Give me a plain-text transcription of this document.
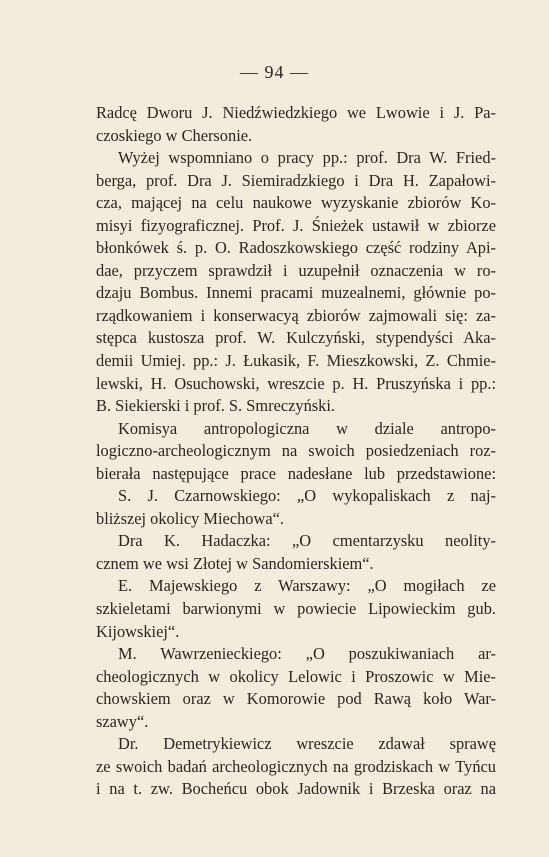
— 94 —
Radcę Dworu J. Niedźwiedzkiego we Lwowie i J. Pa-
czoskiego w Chersonie.
Wyżej wspomniano o pracy pp.: prof. Dra W. Fried-
berga, prof. Dra J. Siemiradzkiego i Dra H. Zapałowi-
cza, mającej na celu naukowe wyzyskanie zbiorów Ko-
misyi fizyograficznej. Prof. J. Śnieżek ustawił w zbiorze
błonkówek ś. p. O. Radoszkowskiego część rodziny Api-
dae, przyczem sprawdził i uzupełnił oznaczenia w ro-
dzaju Bombus. Innemi pracami muzealnemi, głównie po-
rządkowaniem i konserwacyą zbiorów zajmowali się: za-
stępca kustosza prof. W. Kulczyński, stypendyści Aka-
demii Umiej. pp.: J. Łukasik, F. Mieszkowski, Z. Chmie-
lewski, H. Osuchowski, wreszcie p. H. Pruszyńska i pp.:
B. Siekierski i prof. S. Smreczyński.
Komisya antropologiczna w dziale antropo-
logiczno-archeologicznym na swoich posiedzeniach roz-
bierała następujące prace nadesłane lub przedstawione:
S. J. Czarnowskiego: „O wykopaliskach z naj-
bliższej okolicy Miechowa“.
Dra K. Hadaczka: „O cmentarzysku neolity-
cznem we wsi Złotej w Sandomierskiem“.
E. Majewskiego z Warszawy: „O mogiłach ze
szkieletami barwionymi w powiecie Lipowieckim gub.
Kijowskiej“.
M. Wawrzenieckiego: „O poszukiwaniach ar-
cheologicznych w okolicy Lelowic i Proszowic w Mie-
chowskiem oraz w Komorowie pod Rawą koło War-
szawy“.
Dr. Demetrykiewicz wreszcie zdawał sprawę
ze swoich badań archeologicznych na grodziskach w Tyńcu
i na t. zw. Bocheńcu obok Jadownik i Brzeska oraz na
